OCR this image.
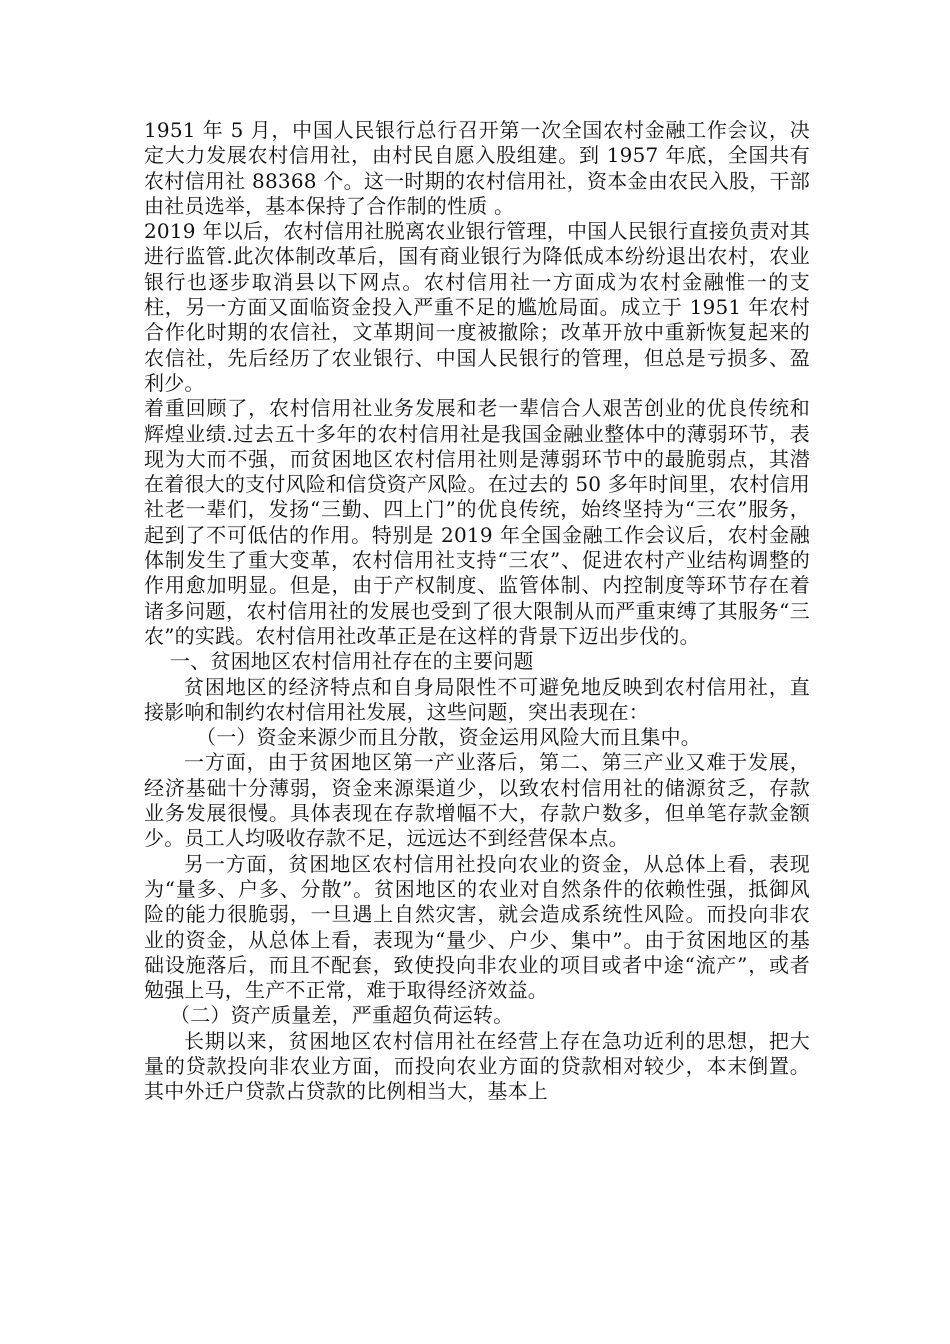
1951 年 5 月，中国人民银行总行召开第一次全国农村金融工作会议，决定大力发展农村信用社，由村民自愿入股组建。到 1957 年底，全国共有农村信用社 88368 个。这一时期的农村信用社，资本金由农民入股，干部由社员选举，基本保持了合作制的性质 。

2019 年以后，农村信用社脱离农业银行管理，中国人民银行直接负责对其进行监管.此次体制改革后，国有商业银行为降低成本纷纷退出农村，农业银行也逐步取消县以下网点。农村信用社一方面成为农村金融惟一的支柱，另一方面又面临资金投入严重不足的尴尬局面。成立于 1951 年农村合作化时期的农信社，文革期间一度被撤除；改革开放中重新恢复起来的农信社，先后经历了农业银行、中国人民银行的管理，但总是亏损多、盈利少。

着重回顾了，农村信用社业务发展和老一辈信合人艰苦创业的优良传统和辉煌业绩.过去五十多年的农村信用社是我国金融业整体中的薄弱环节，表现为大而不强，而贫困地区农村信用社则是薄弱环节中的最脆弱点，其潜在着很大的支付风险和信贷资产风险。在过去的 50 多年时间里，农村信用社老一辈们，发扬“三勤、四上门”的优良传统，始终坚持为“三农”服务，起到了不可低估的作用。特别是 2019 年全国金融工作会议后，农村金融体制发生了重大变革，农村信用社支持“三农”、促进农村产业结构调整的作用愈加明显。但是，由于产权制度、监管体制、内控制度等环节存在着诸多问题，农村信用社的发展也受到了很大限制从而严重束缚了其服务“三农”的实践。农村信用社改革正是在这样的背景下迈出步伐的。

一、贫困地区农村信用社存在的主要问题

贫困地区的经济特点和自身局限性不可避免地反映到农村信用社，直接影响和制约农村信用社发展，这些问题，突出表现在：

（一）资金来源少而且分散，资金运用风险大而且集中。

一方面，由于贫困地区第一产业落后，第二、第三产业又难于发展，经济基础十分薄弱，资金来源渠道少，以致农村信用社的储源贫乏，存款业务发展很慢。具体表现在存款增幅不大，存款户数多，但单笔存款金额少。员工人均吸收存款不足，远远达不到经营保本点。

另一方面，贫困地区农村信用社投向农业的资金，从总体上看，表现为“量多、户多、分散”。贫困地区的农业对自然条件的依赖性强，抵御风险的能力很脆弱，一旦遇上自然灾害，就会造成系统性风险。而投向非农业的资金，从总体上看，表现为“量少、户少、集中”。由于贫困地区的基础设施落后，而且不配套，致使投向非农业的项目或者中途“流产”，或者勉强上马，生产不正常，难于取得经济效益。

（二）资产质量差，严重超负荷运转。

长期以来，贫困地区农村信用社在经营上存在急功近利的思想，把大量的贷款投向非农业方面，而投向农业方面的贷款相对较少，本末倒置。其中外迁户贷款占贷款的比例相当大，基本上
